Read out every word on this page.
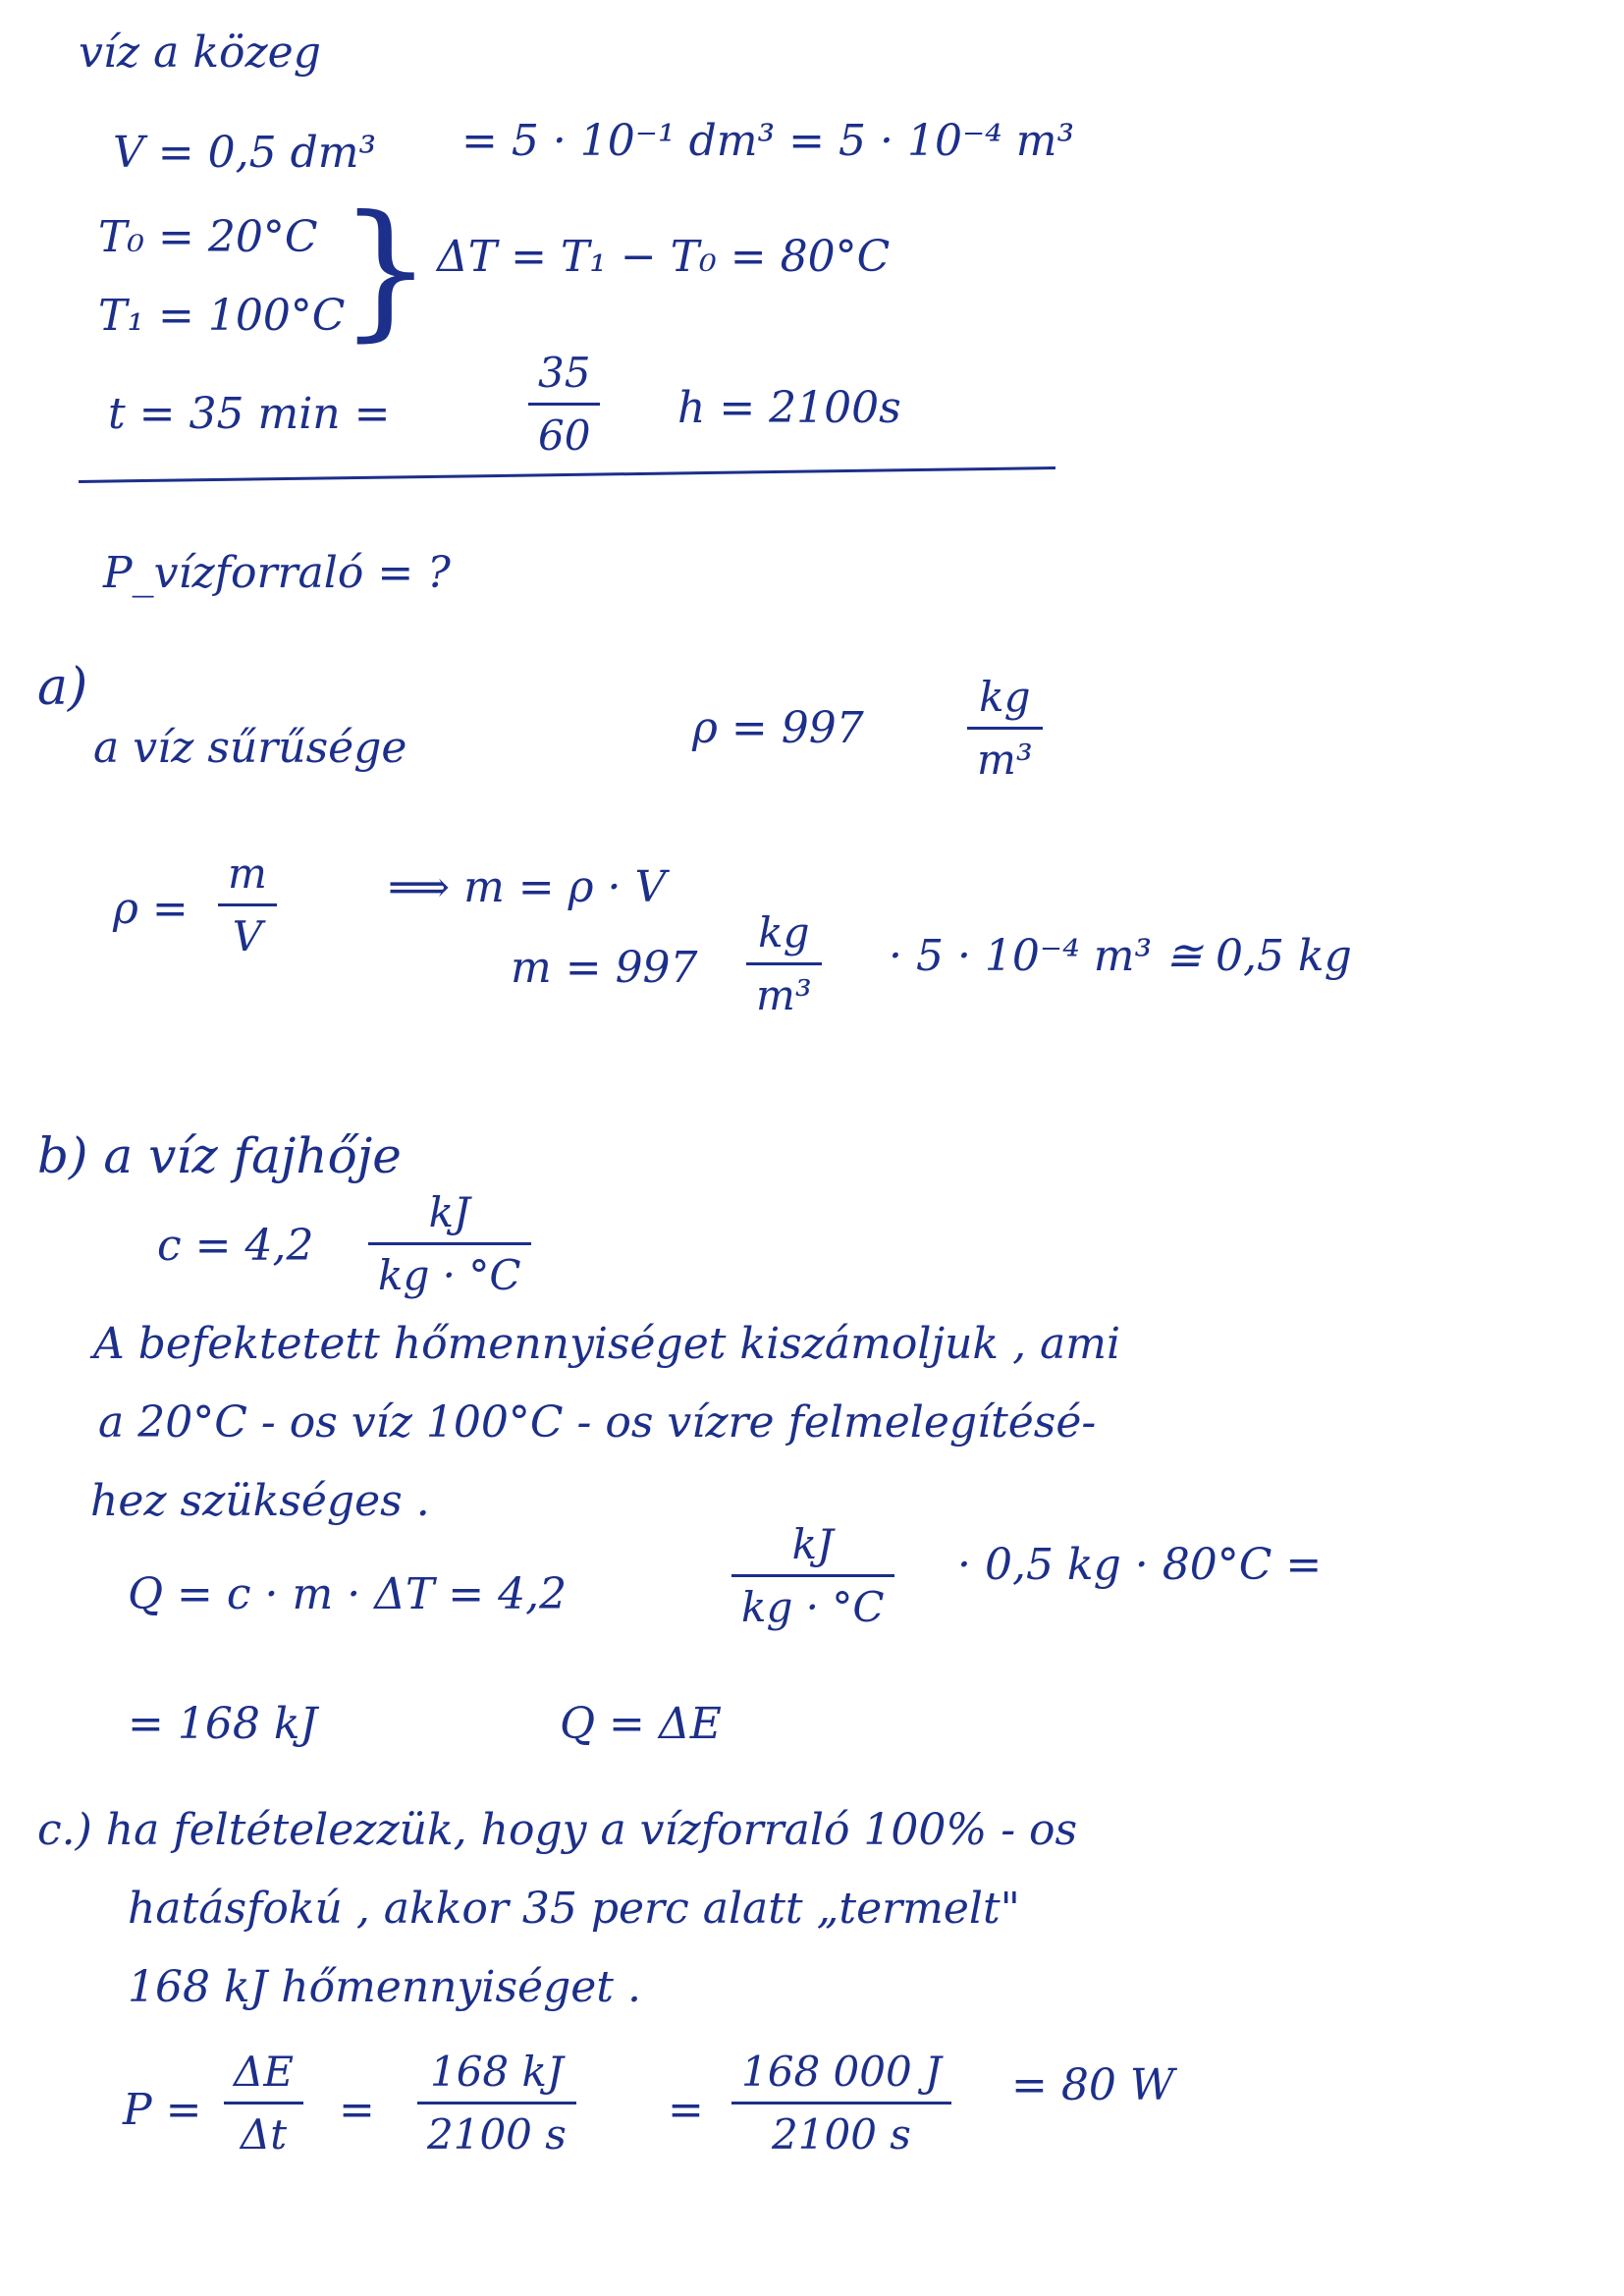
víz a közeg
V = 0,5 dm³ = 5 · 10⁻¹ dm³ = 5 · 10⁻⁴ m³
T₀ = 20°C
T₁ = 100°C
} ΔT = T₁ − T₀ = 80°C
t = 35 min =
35
60
h = 2100s
P_vízforraló = ?
a)
a víz sűrűsége	ρ = 997
kg
m³
ρ =
m
V
⟹ m = ρ · V
m = 997
kg
m³
· 5 · 10⁻⁴ m³ ≅ 0,5 kg
b) a víz fajhője
c = 4,2
kJ
kg · °C
A befektetett hőmennyiséget kiszámoljuk , ami
a 20°C - os víz 100°C - os vízre felmelegítésé-
hez szükséges .
Q = c · m · ΔT = 4,2
kJ
kg · °C
· 0,5 kg · 80°C =
= 168 kJ	Q = ΔE
c.) ha feltételezzük, hogy a vízforraló 100% - os
hatásfokú , akkor 35 perc alatt „termelt"
168 kJ hőmennyiséget .
P =
ΔE
Δt =
168 kJ
2100 s =
168 000 J
2100 s
= 80 W
